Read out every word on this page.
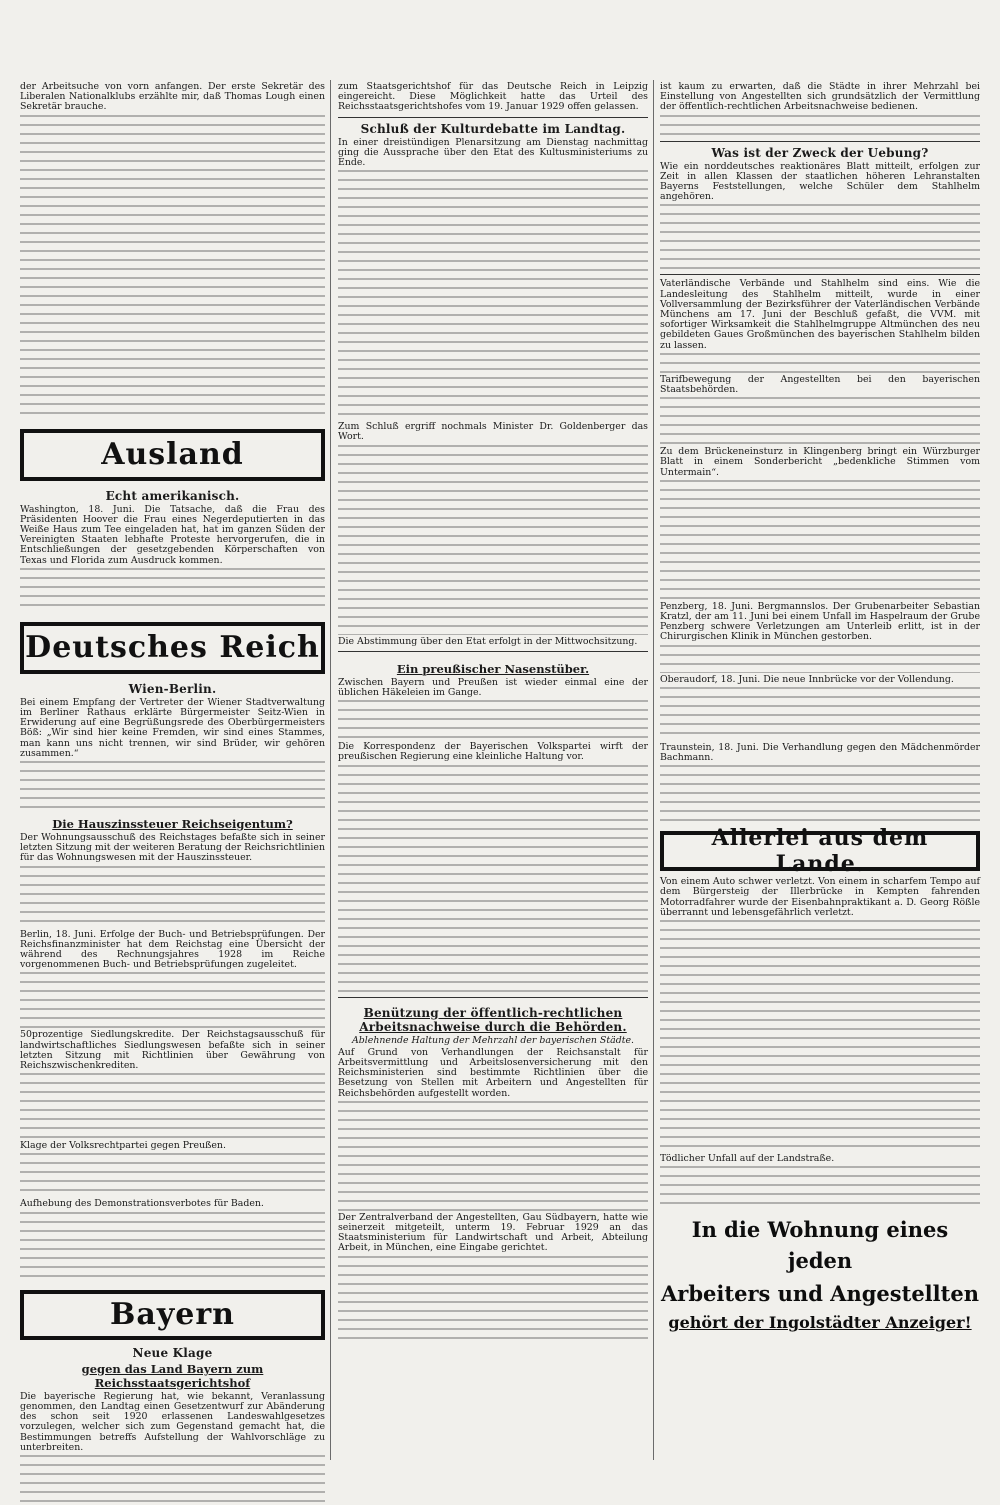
der Arbeitsuche von vorn anfangen. Der erste Sekretär des Liberalen Nationalklubs erzählte mir, daß Thomas Lough einen Sekretär brauche.

Ausland
Echt amerikanisch.

Washington, 18. Juni. Die Tatsache, daß die Frau des Präsidenten Hoover die Frau eines Negerdeputierten in das Weiße Haus zum Tee eingeladen hat, hat im ganzen Süden der Vereinigten Staaten lebhafte Proteste hervorgerufen, die in Entschließungen der gesetzgebenden Körperschaften von Texas und Florida zum Ausdruck kommen.

Deutsches Reich
Wien-Berlin.

Bei einem Empfang der Vertreter der Wiener Stadtverwaltung im Berliner Rathaus erklärte Bürgermeister Seitz-Wien in Erwiderung auf eine Begrüßungsrede des Oberbürgermeisters Böß: „Wir sind hier keine Fremden, wir sind eines Stammes, man kann uns nicht trennen, wir sind Brüder, wir gehören zusammen.“

Die Hauszinssteuer Reichseigentum?

Der Wohnungsausschuß des Reichstages befaßte sich in seiner letzten Sitzung mit der weiteren Beratung der Reichsrichtlinien für das Wohnungswesen mit der Hauszinssteuer.

Berlin, 18. Juni. Erfolge der Buch- und Betriebsprüfungen. Der Reichsfinanzminister hat dem Reichstag eine Übersicht der während des Rechnungsjahres 1928 im Reiche vorgenommenen Buch- und Betriebsprüfungen zugeleitet.

50prozentige Siedlungskredite. Der Reichstagsausschuß für landwirtschaftliches Siedlungswesen befaßte sich in seiner letzten Sitzung mit Richtlinien über Gewährung von Reichszwischenkrediten.

Klage der Volksrechtpartei gegen Preußen.

Aufhebung des Demonstrationsverbotes für Baden.

Bayern
Neue Klage
gegen das Land Bayern zum Reichsstaatsgerichtshof

Die bayerische Regierung hat, wie bekannt, Veranlassung genommen, den Landtag einen Gesetzentwurf zur Abänderung des schon seit 1920 erlassenen Landeswahlgesetzes vorzulegen, welcher sich zum Gegenstand gemacht hat, die Bestimmungen betreffs Aufstellung der Wahlvorschläge zu unterbreiten.

zum Staatsgerichtshof für das Deutsche Reich in Leipzig eingereicht. Diese Möglichkeit hatte das Urteil des Reichsstaatsgerichtshofes vom 19. Januar 1929 offen gelassen.

Schluß der Kulturdebatte im Landtag.

In einer dreistündigen Plenarsitzung am Dienstag nachmittag ging die Aussprache über den Etat des Kultusministeriums zu Ende.

Zum Schluß ergriff nochmals Minister Dr. Goldenberger das Wort.

Die Abstimmung über den Etat erfolgt in der Mittwochsitzung.

Ein preußischer Nasenstüber.

Zwischen Bayern und Preußen ist wieder einmal eine der üblichen Häkeleien im Gange.

Die Korrespondenz der Bayerischen Volkspartei wirft der preußischen Regierung eine kleinliche Haltung vor.

Benützung der öffentlich-rechtlichen Arbeitsnachweise durch die Behörden.
Ablehnende Haltung der Mehrzahl der bayerischen Städte.

Auf Grund von Verhandlungen der Reichsanstalt für Arbeitsvermittlung und Arbeitslosenversicherung mit den Reichsministerien sind bestimmte Richtlinien über die Besetzung von Stellen mit Arbeitern und Angestellten für Reichsbehörden aufgestellt worden.

Der Zentralverband der Angestellten, Gau Südbayern, hatte wie seinerzeit mitgeteilt, unterm 19. Februar 1929 an das Staatsministerium für Landwirtschaft und Arbeit, Abteilung Arbeit, in München, eine Eingabe gerichtet.

ist kaum zu erwarten, daß die Städte in ihrer Mehrzahl bei Einstellung von Angestellten sich grundsätzlich der Vermittlung der öffentlich-rechtlichen Arbeitsnachweise bedienen.

Was ist der Zweck der Uebung?

Wie ein norddeutsches reaktionäres Blatt mitteilt, erfolgen zur Zeit in allen Klassen der staatlichen höheren Lehranstalten Bayerns Feststellungen, welche Schüler dem Stahlhelm angehören.

Vaterländische Verbände und Stahlhelm sind eins. Wie die Landesleitung des Stahlhelm mitteilt, wurde in einer Vollversammlung der Bezirksführer der Vaterländischen Verbände Münchens am 17. Juni der Beschluß gefaßt, die VVM. mit sofortiger Wirksamkeit die Stahlhelmgruppe Altmünchen des neu gebildeten Gaues Großmünchen des bayerischen Stahlhelm bilden zu lassen.

Tarifbewegung der Angestellten bei den bayerischen Staatsbehörden.

Zu dem Brückeneinsturz in Klingenberg bringt ein Würzburger Blatt in einem Sonderbericht „bedenkliche Stimmen vom Untermain“.

Penzberg, 18. Juni. Bergmannslos. Der Grubenarbeiter Sebastian Kratzl, der am 11. Juni bei einem Unfall im Haspelraum der Grube Penzberg schwere Verletzungen am Unterleib erlitt, ist in der Chirurgischen Klinik in München gestorben.

Oberaudorf, 18. Juni. Die neue Innbrücke vor der Vollendung.

Traunstein, 18. Juni. Die Verhandlung gegen den Mädchenmörder Bachmann.

Allerlei aus dem Lande.

Von einem Auto schwer verletzt. Von einem in scharfem Tempo auf dem Bürgersteig der Illerbrücke in Kempten fahrenden Motorradfahrer wurde der Eisenbahnpraktikant a. D. Georg Rößle überrannt und lebensgefährlich verletzt.

Tödlicher Unfall auf der Landstraße.

In die Wohnung eines jeden
Arbeiters und Angestellten
gehört der Ingolstädter Anzeiger!
